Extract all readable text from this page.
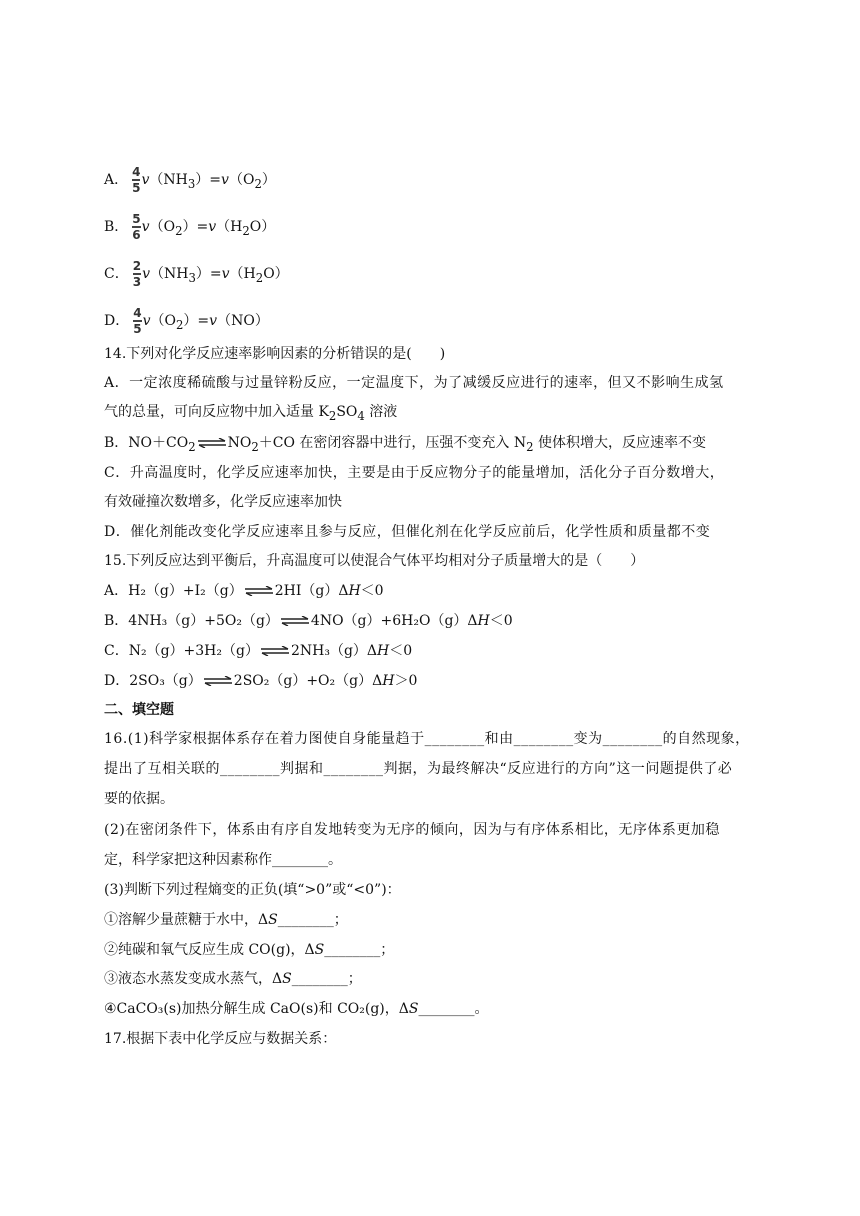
A． $\frac{4}{5} v(NH_3)=v(O_2)$
B． $\frac{5}{6} v(O_2)=v(H_2O)$
C． $\frac{2}{3} v(NH_3)=v(H_2O)$
D． $\frac{4}{5} v(O_2)=v(NO)$
14.下列对化学反应速率影响因素的分析错误的是(　　)
A．一定浓度稀硫酸与过量锌粉反应，一定温度下，为了减缓反应进行的速率，但又不影响生成氢
气的总量，可向反应物中加入适量 $K_2SO_4$ 溶液
B．$NO+CO_2\rightleftharpoons NO_2+CO$ 在密闭容器中进行，压强不变充入 $N_2$ 使体积增大，反应速率不变
C．升高温度时，化学反应速率加快，主要是由于反应物分子的能量增加，活化分子百分数增大，
有效碰撞次数增多，化学反应速率加快
D．催化剂能改变化学反应速率且参与反应，但催化剂在化学反应前后，化学性质和质量都不变
15.下列反应达到平衡后，升高温度可以使混合气体平均相对分子质量增大的是（　　）
A．H₂（g）+I₂（g）⇌2HI（g）ΔH＜0
B．4NH₃（g）+5O₂（g）⇌4NO（g）+6H₂O（g）ΔH＜0
C．N₂（g）+3H₂（g）⇌2NH₃（g）ΔH＜0
D．2SO₃（g）⇌2SO₂（g）+O₂（g）ΔH＞0
二、填空题
16.(1)科学家根据体系存在着力图使自身能量趋于________和由________变为________的自然现象，
提出了互相关联的________判据和________判据，为最终解决“反应进行的方向”这一问题提供了必
要的依据。
(2)在密闭条件下，体系由有序自发地转变为无序的倾向，因为与有序体系相比，无序体系更加稳
定，科学家把这种因素称作________。
(3)判断下列过程熵变的正负(填“>0”或“<0”)：
①溶解少量蔗糖于水中，ΔS________；
②纯碳和氧气反应生成 CO(g)，ΔS________；
③液态水蒸发变成水蒸气，ΔS________；
④CaCO₃(s)加热分解生成 CaO(s)和 CO₂(g)，ΔS________。
17.根据下表中化学反应与数据关系：
